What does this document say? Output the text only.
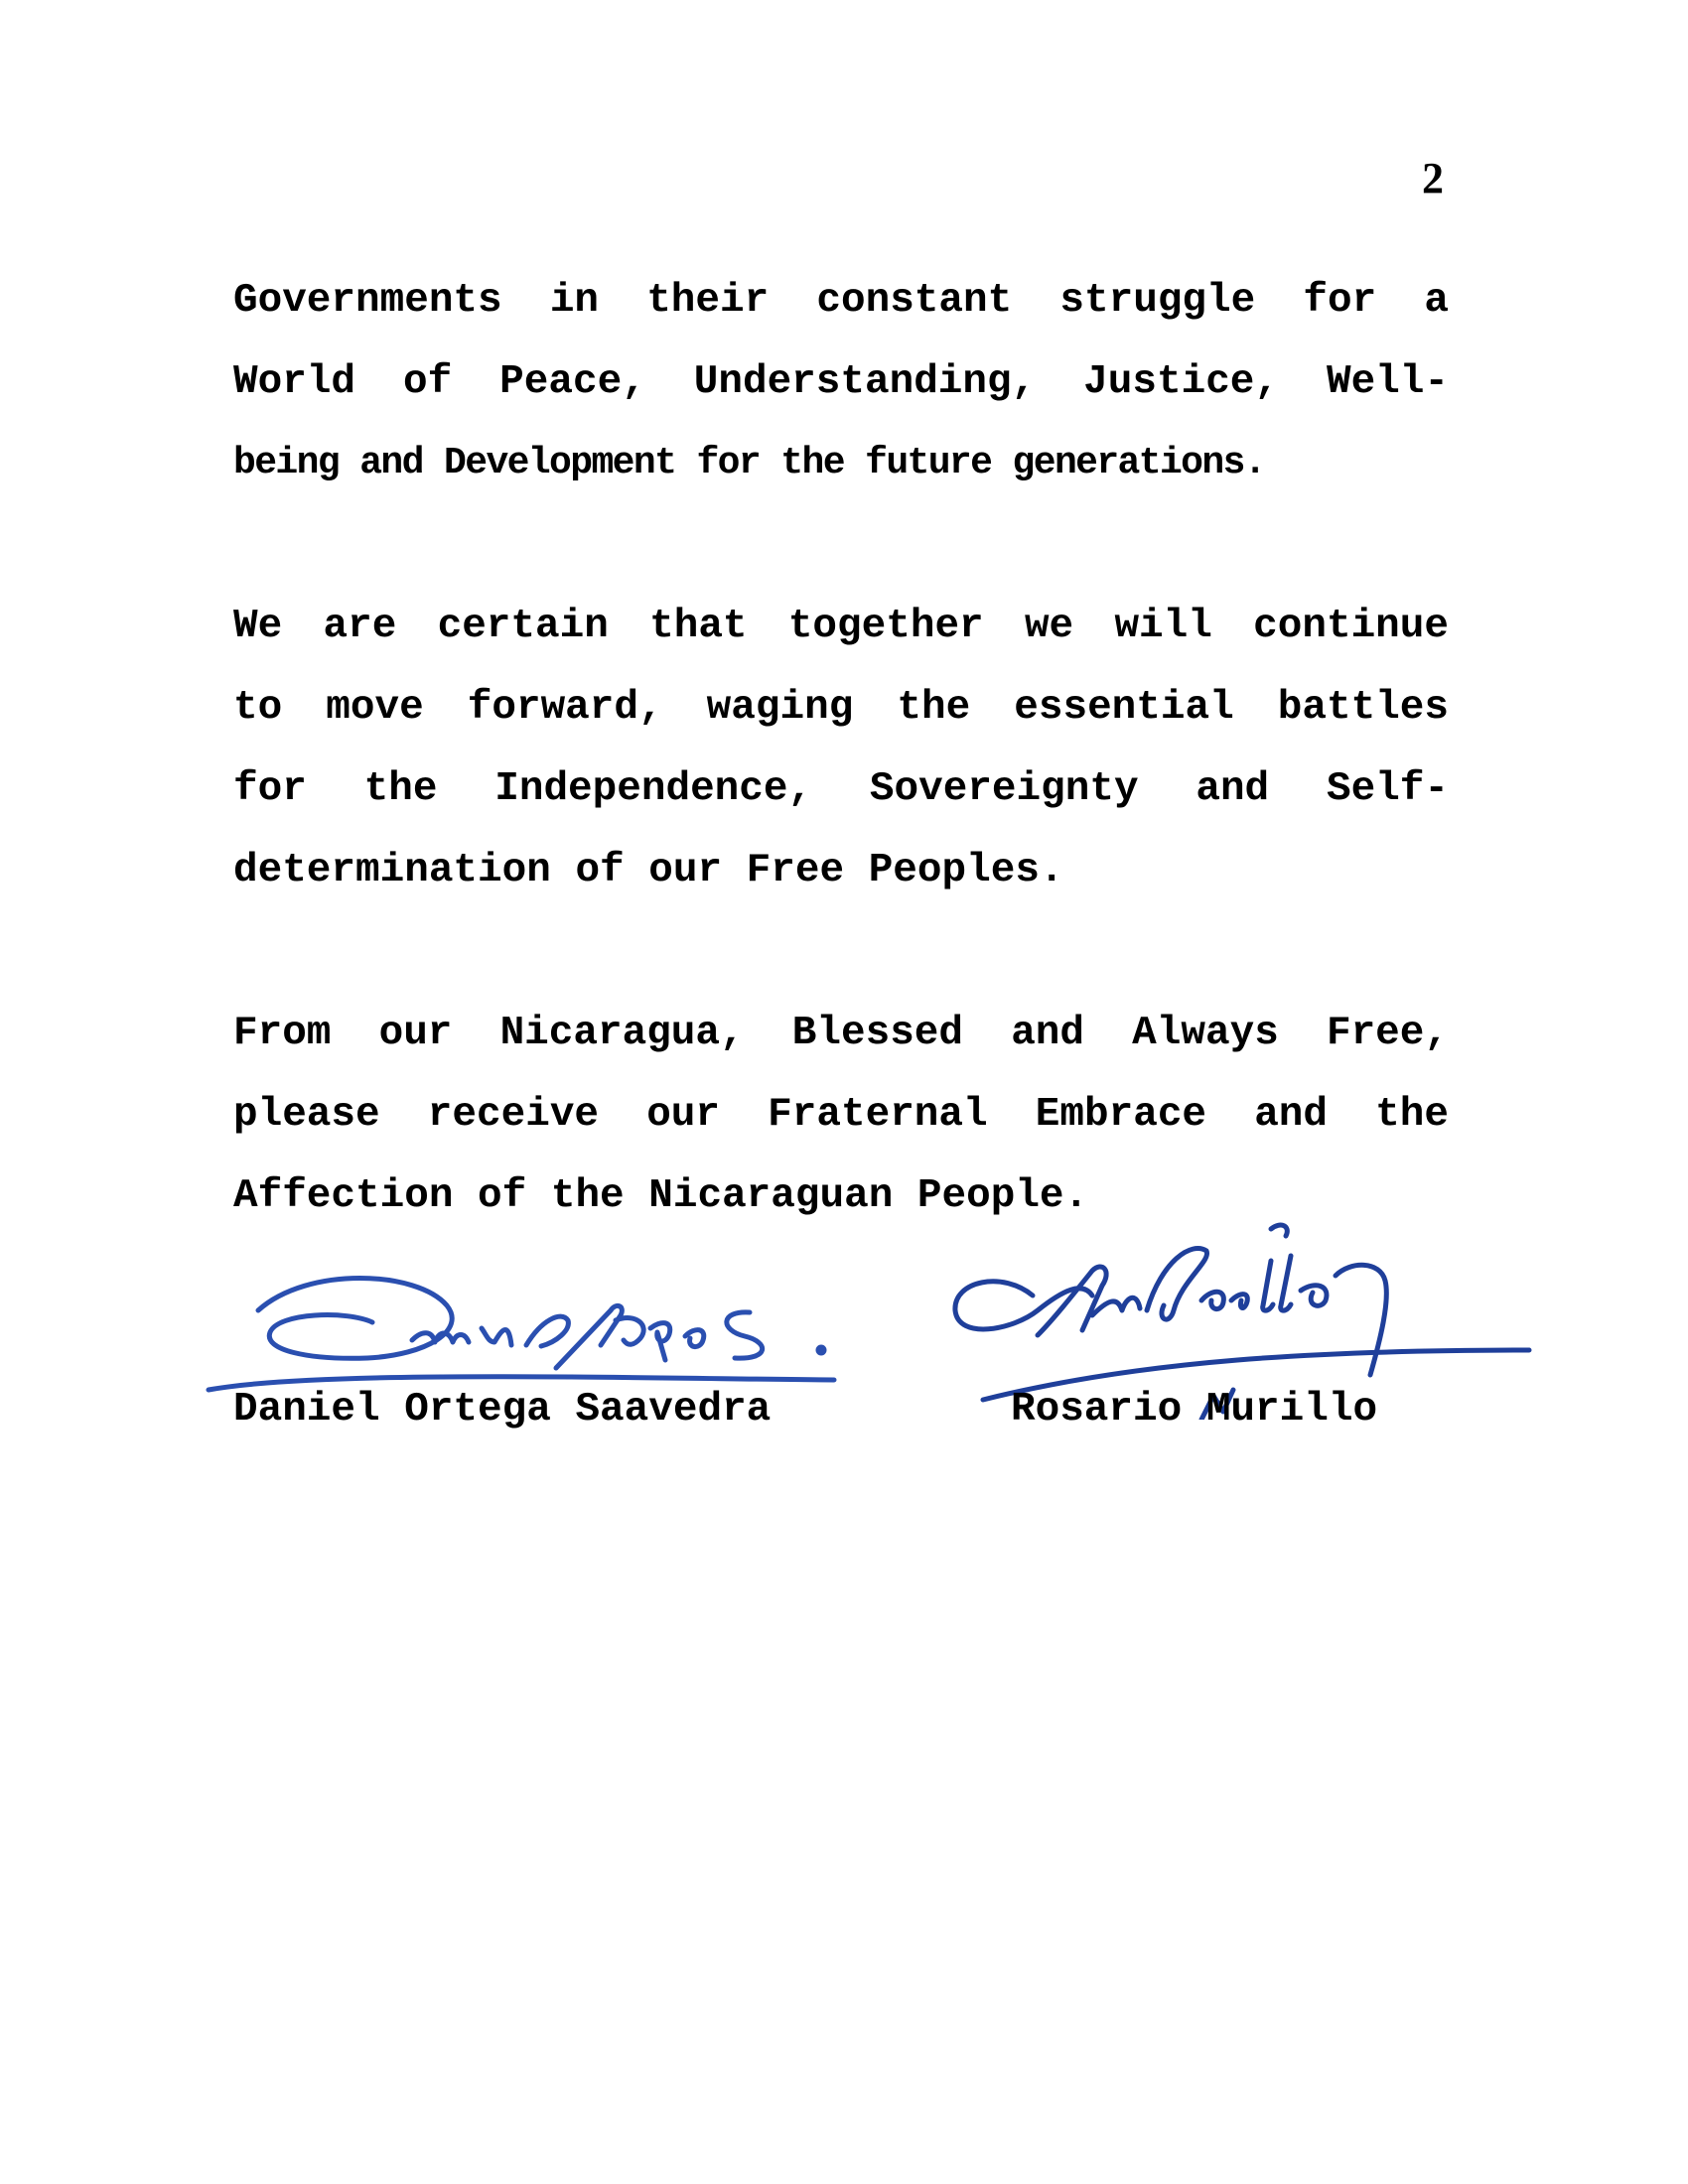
2
Governments in their constant struggle for a
World of Peace, Understanding, Justice, Well-
being and Development for the future generations.
We are certain that together we will continue
to move forward, waging the essential battles
for the Independence, Sovereignty and Self-
determination of our Free Peoples.
From our Nicaragua, Blessed and Always Free,
please receive our Fraternal Embrace and the
Affection of the Nicaraguan People.
Daniel Ortega Saavedra	Rosario Murillo
